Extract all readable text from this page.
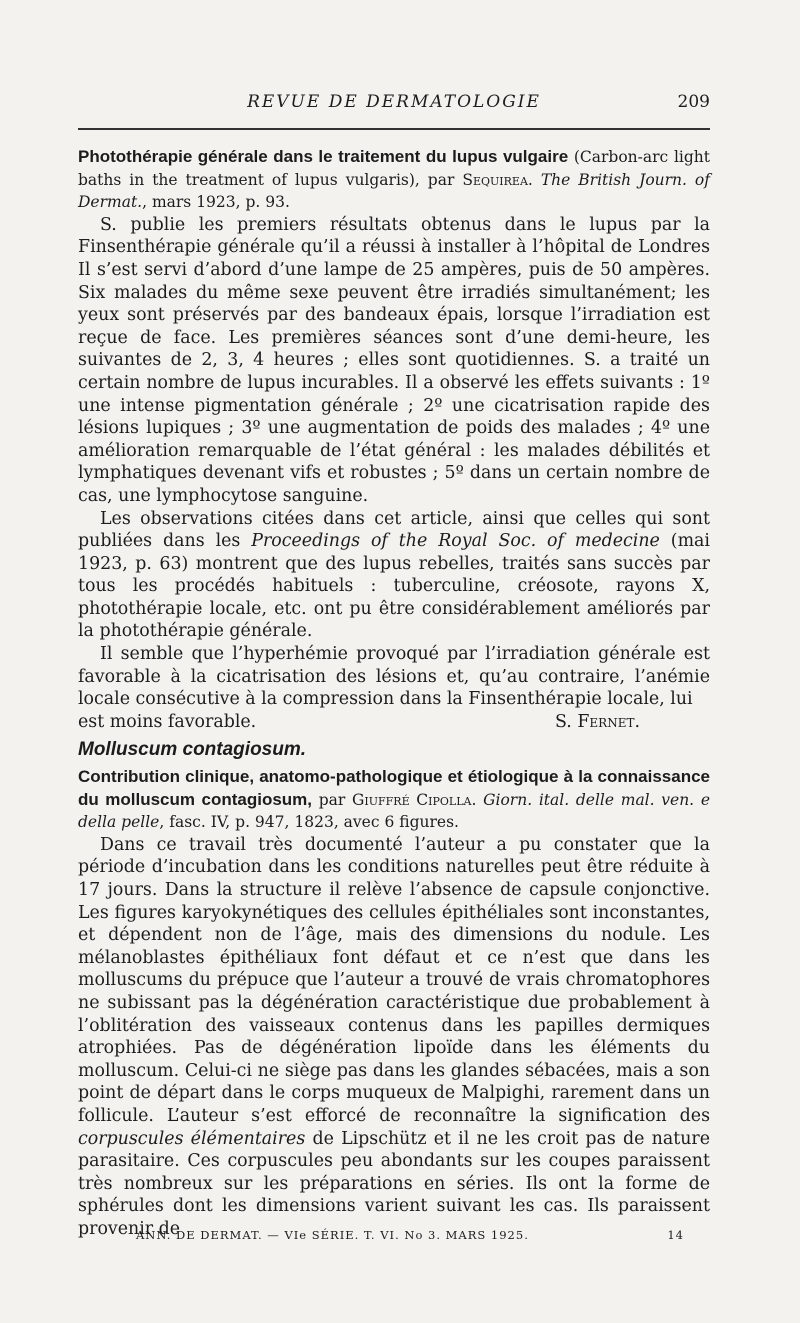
REVUE DE DERMATOLOGIE	209

Photothérapie générale dans le traitement du lupus vulgaire (Carbon-arc light baths in the treatment of lupus vulgaris), par Sequirea. The British Journ. of Dermat., mars 1923, p. 93.

S. publie les premiers résultats obtenus dans le lupus par la Finsenthérapie générale qu’il a réussi à installer à l’hôpital de Londres Il s’est servi d’abord d’une lampe de 25 ampères, puis de 50 ampères. Six malades du même sexe peuvent être irradiés simultanément; les yeux sont préservés par des bandeaux épais, lorsque l’irradiation est reçue de face. Les premières séances sont d’une demi-heure, les suivantes de 2, 3, 4 heures ; elles sont quotidiennes. S. a traité un certain nombre de lupus incurables. Il a observé les effets suivants : 1º une intense pigmentation générale ; 2º une cicatrisation rapide des lésions lupiques ; 3º une augmentation de poids des malades ; 4º une amélioration remarquable de l’état général : les malades débilités et lymphatiques devenant vifs et robustes ; 5º dans un certain nombre de cas, une lymphocytose sanguine.

Les observations citées dans cet article, ainsi que celles qui sont publiées dans les Proceedings of the Royal Soc. of medecine (mai 1923, p. 63) montrent que des lupus rebelles, traités sans succès par tous les procédés habituels : tuberculine, créosote, rayons X, photothérapie locale, etc. ont pu être considérablement améliorés par la photothérapie générale.

Il semble que l’hyperhémie provoqué par l’irradiation générale est favorable à la cicatrisation des lésions et, qu’au contraire, l’anémie locale consécutive à la compression dans la Finsenthérapie locale, lui

est moins favorable.	S. Fernet.

Molluscum contagiosum.

Contribution clinique, anatomo-pathologique et étiologique à la connaissance du molluscum contagiosum, par Giuffré Cipolla. Giorn. ital. delle mal. ven. e della pelle, fasc. IV, p. 947, 1823, avec 6 figures.

Dans ce travail très documenté l’auteur a pu constater que la période d’incubation dans les conditions naturelles peut être réduite à 17 jours. Dans la structure il relève l’absence de capsule conjonctive. Les figures karyokynétiques des cellules épithéliales sont inconstantes, et dépendent non de l’âge, mais des dimensions du nodule. Les mélanoblastes épithéliaux font défaut et ce n’est que dans les molluscums du prépuce que l’auteur a trouvé de vrais chromatophores ne subissant pas la dégénération caractéristique due probablement à l’oblitération des vaisseaux contenus dans les papilles dermiques atrophiées. Pas de dégénération lipoïde dans les éléments du molluscum. Celui-ci ne siège pas dans les glandes sébacées, mais a son point de départ dans le corps muqueux de Malpighi, rarement dans un follicule. L’auteur s’est efforcé de reconnaître la signification des corpuscules élémentaires de Lipschütz et il ne les croit pas de nature parasitaire. Ces corpuscules peu abondants sur les coupes paraissent très nombreux sur les préparations en séries. Ils ont la forme de sphérules dont les dimensions varient suivant les cas. Ils paraissent provenir de

ANN. DE DERMAT. — VIe SÉRIE. T. VI. No 3. MARS 1925.	14
